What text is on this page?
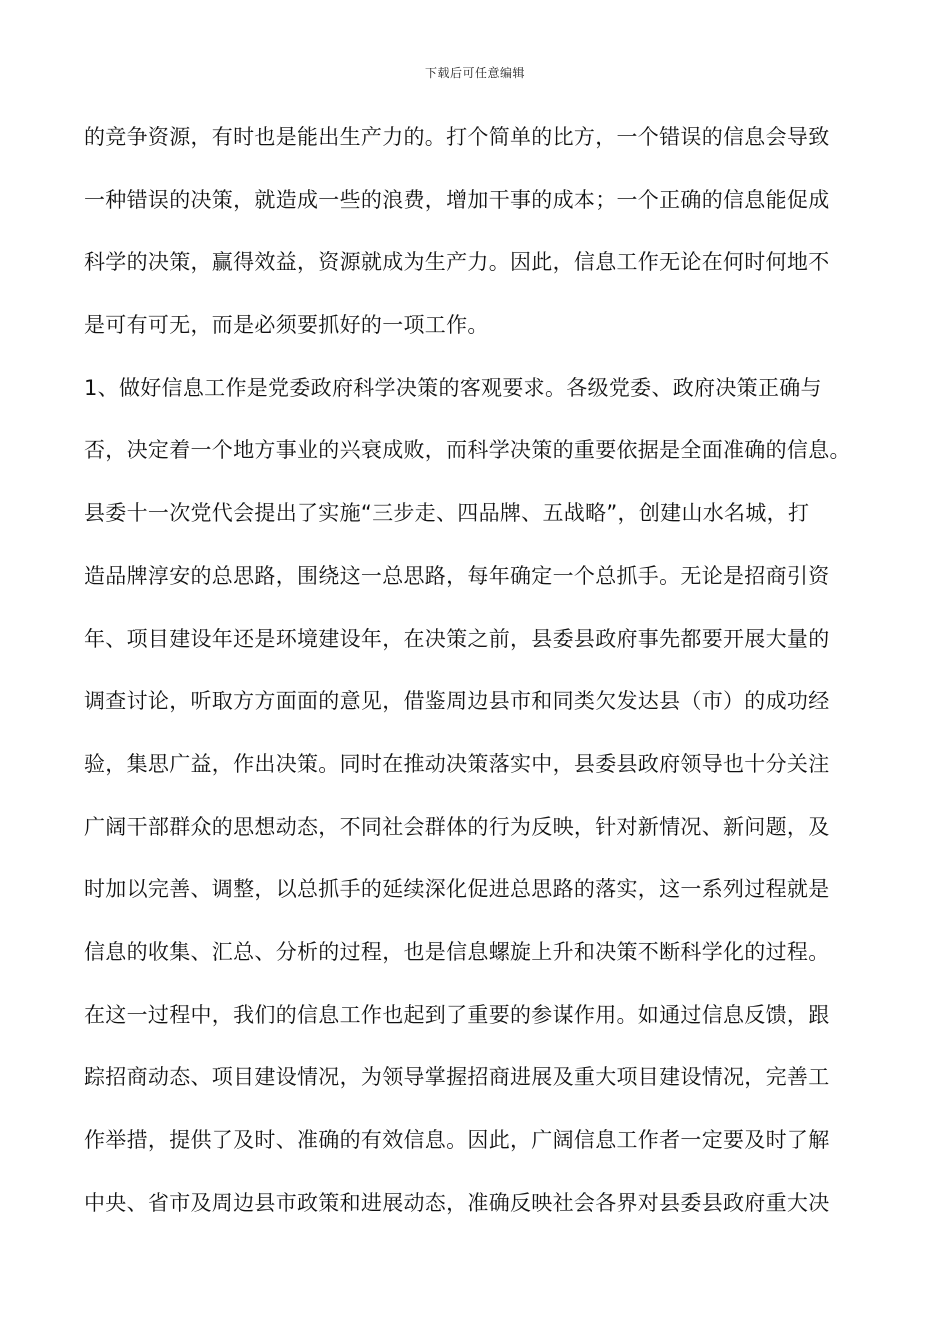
下载后可任意编辑
的竞争资源，有时也是能出生产力的。打个简单的比方，一个错误的信息会导致
一种错误的决策，就造成一些的浪费，增加干事的成本；一个正确的信息能促成
科学的决策，赢得效益，资源就成为生产力。因此，信息工作无论在何时何地不
是可有可无，而是必须要抓好的一项工作。
1、做好信息工作是党委政府科学决策的客观要求。各级党委、政府决策正确与
否，决定着一个地方事业的兴衰成败，而科学决策的重要依据是全面准确的信息。
县委十一次党代会提出了实施“三步走、四品牌、五战略”，创建山水名城，打
造品牌淳安的总思路，围绕这一总思路，每年确定一个总抓手。无论是招商引资
年、项目建设年还是环境建设年，在决策之前，县委县政府事先都要开展大量的
调查讨论，听取方方面面的意见，借鉴周边县市和同类欠发达县（市）的成功经
验，集思广益，作出决策。同时在推动决策落实中，县委县政府领导也十分关注
广阔干部群众的思想动态，不同社会群体的行为反映，针对新情况、新问题，及
时加以完善、调整，以总抓手的延续深化促进总思路的落实，这一系列过程就是
信息的收集、汇总、分析的过程，也是信息螺旋上升和决策不断科学化的过程。
在这一过程中，我们的信息工作也起到了重要的参谋作用。如通过信息反馈，跟
踪招商动态、项目建设情况，为领导掌握招商进展及重大项目建设情况，完善工
作举措，提供了及时、准确的有效信息。因此，广阔信息工作者一定要及时了解
中央、省市及周边县市政策和进展动态，准确反映社会各界对县委县政府重大决
